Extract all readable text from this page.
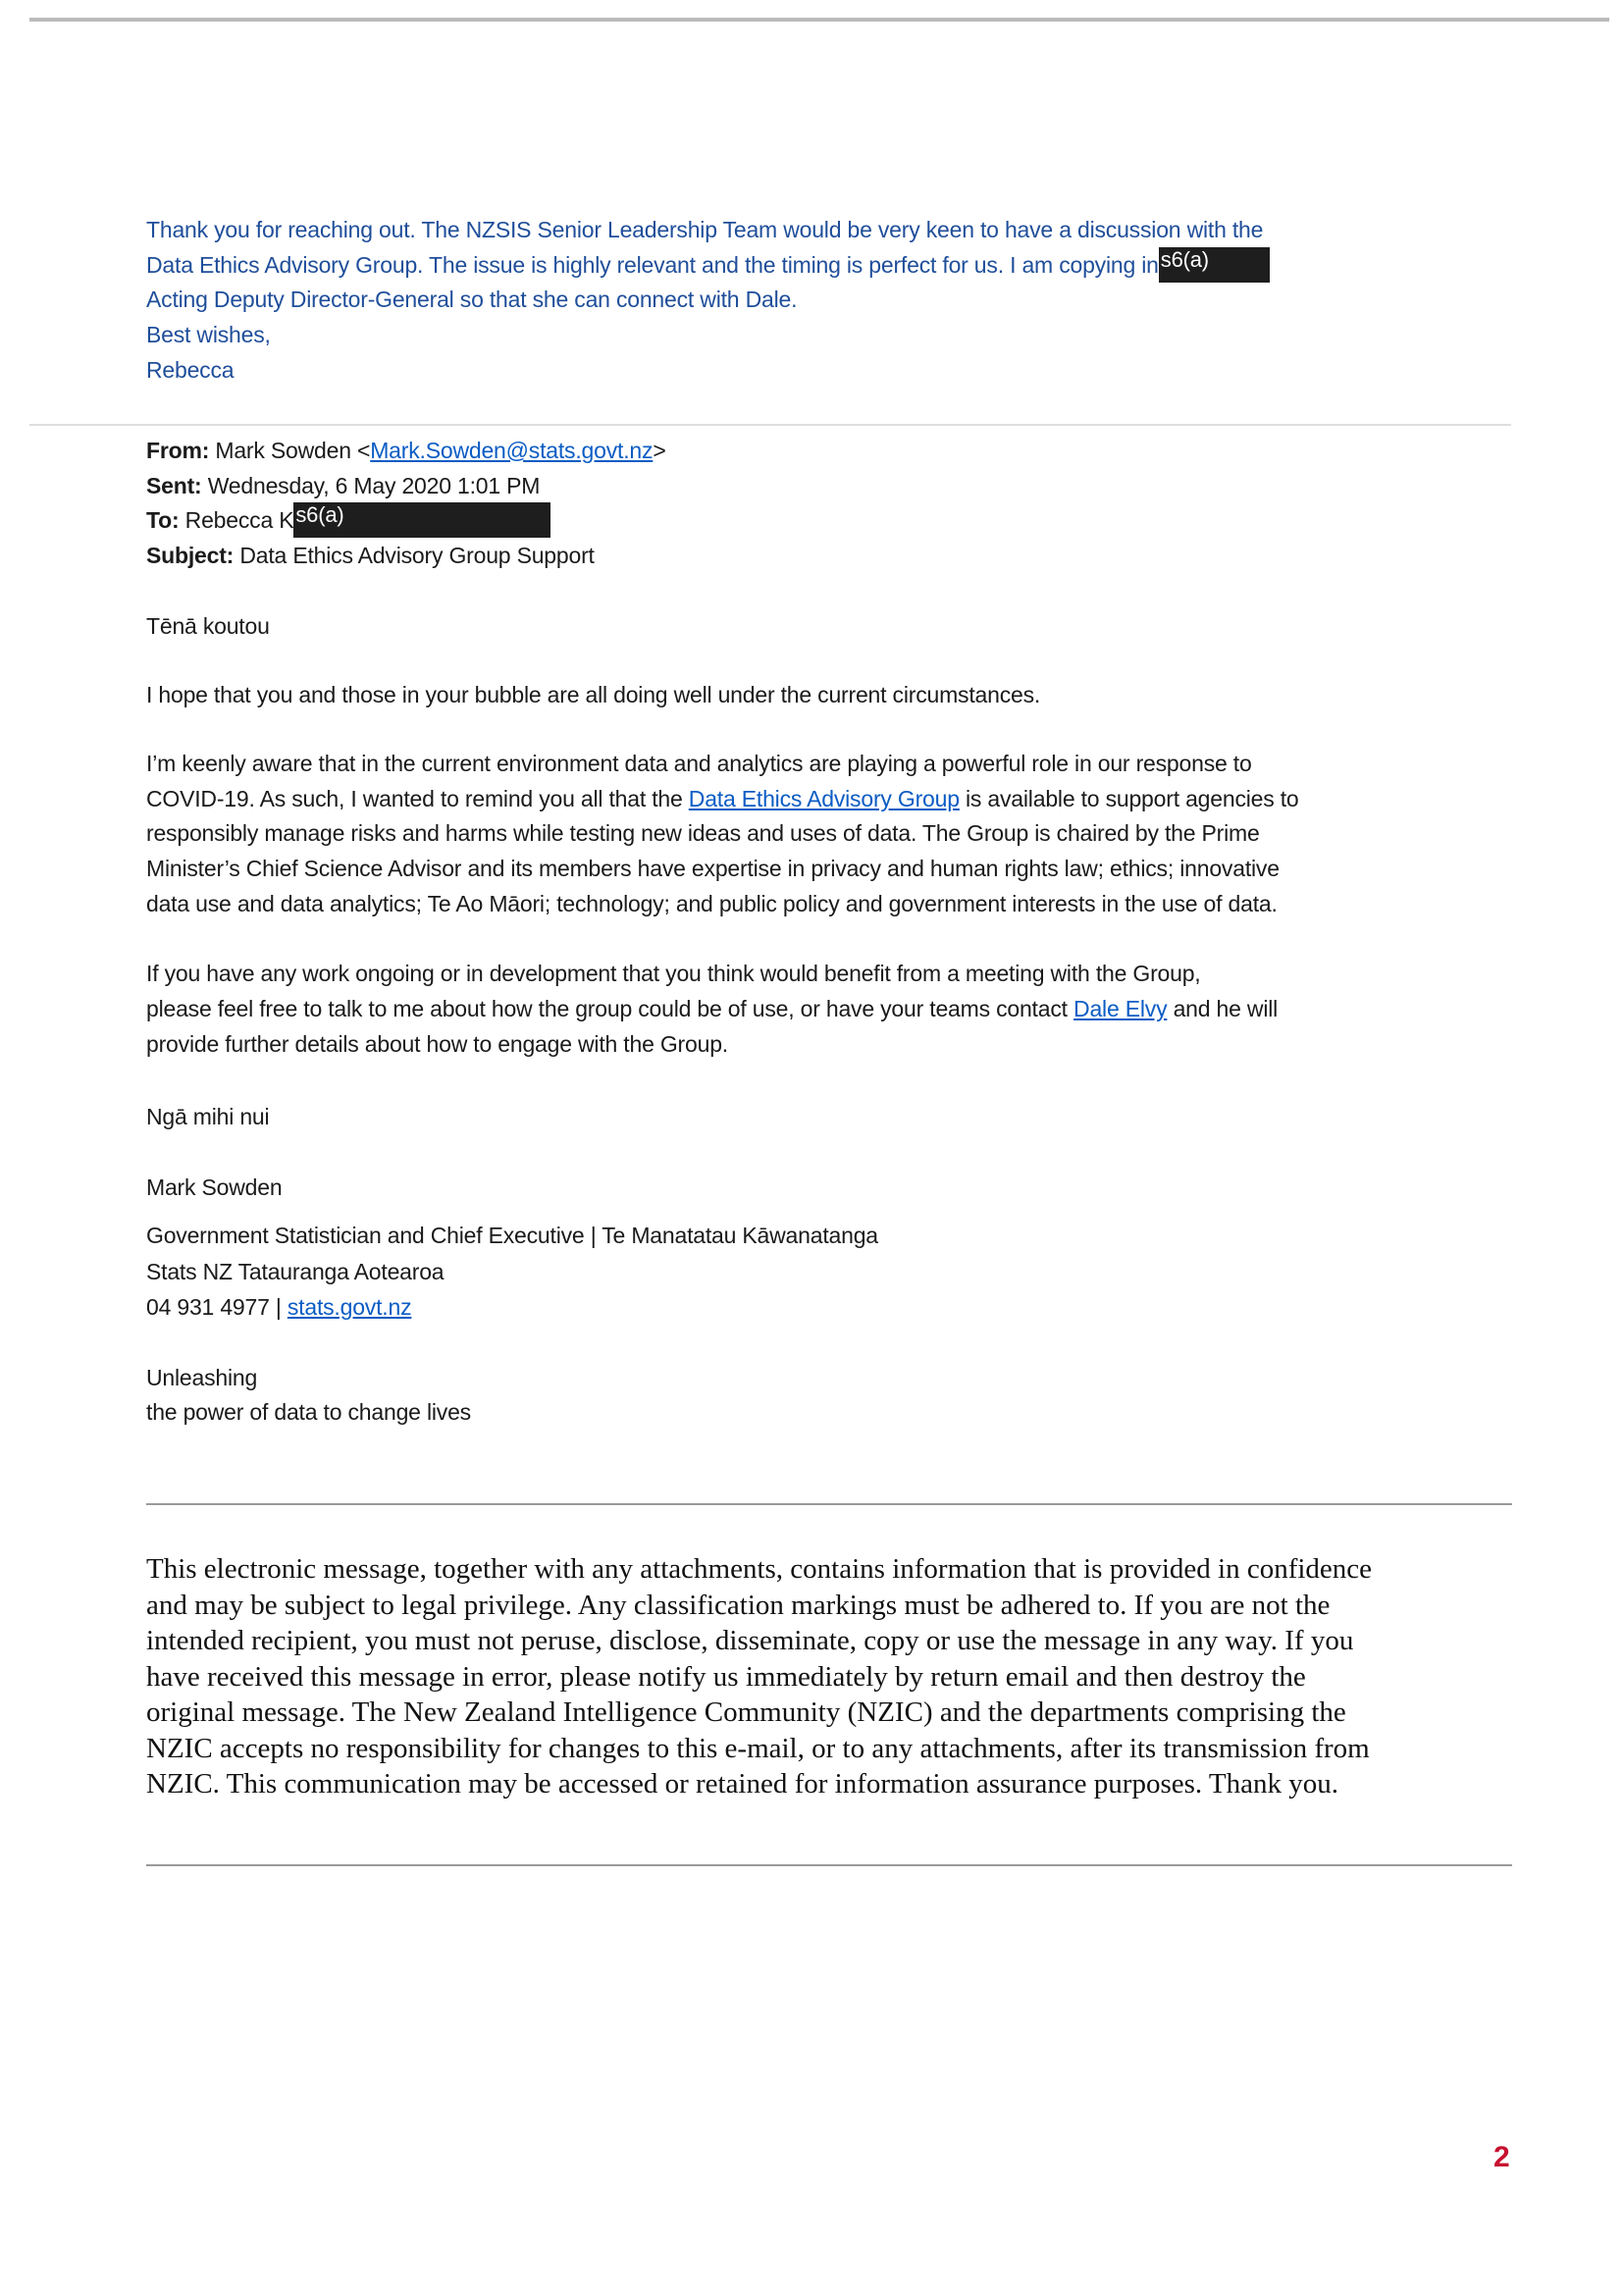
Thank you for reaching out. The NZSIS Senior Leadership Team would be very keen to have a discussion with the
Data Ethics Advisory Group. The issue is highly relevant and the timing is perfect for us. I am copying ins6(a)
Acting Deputy Director-General so that she can connect with Dale.
Best wishes,
Rebecca
From: Mark Sowden <Mark.Sowden@stats.govt.nz>
Sent: Wednesday, 6 May 2020 1:01 PM
To: Rebecca Ks6(a)
Subject: Data Ethics Advisory Group Support
Tēnā koutou
I hope that you and those in your bubble are all doing well under the current circumstances.
I’m keenly aware that in the current environment data and analytics are playing a powerful role in our response to
COVID-19. As such, I wanted to remind you all that the Data Ethics Advisory Group is available to support agencies to
responsibly manage risks and harms while testing new ideas and uses of data. The Group is chaired by the Prime
Minister’s Chief Science Advisor and its members have expertise in privacy and human rights law; ethics; innovative
data use and data analytics; Te Ao Māori; technology; and public policy and government interests in the use of data.
If you have any work ongoing or in development that you think would benefit from a meeting with the Group,
please feel free to talk to me about how the group could be of use, or have your teams contact Dale Elvy and he will
provide further details about how to engage with the Group.
Ngā mihi nui
Mark Sowden
Government Statistician and Chief Executive | Te Manatatau Kāwanatanga
Stats NZ Tatauranga Aotearoa
04 931 4977 | stats.govt.nz
Unleashing
the power of data to change lives
This electronic message, together with any attachments, contains information that is provided in confidence
and may be subject to legal privilege. Any classification markings must be adhered to. If you are not the
intended recipient, you must not peruse, disclose, disseminate, copy or use the message in any way. If you
have received this message in error, please notify us immediately by return email and then destroy the
original message. The New Zealand Intelligence Community (NZIC) and the departments comprising the
NZIC accepts no responsibility for changes to this e-mail, or to any attachments, after its transmission from
NZIC. This communication may be accessed or retained for information assurance purposes. Thank you.
2
